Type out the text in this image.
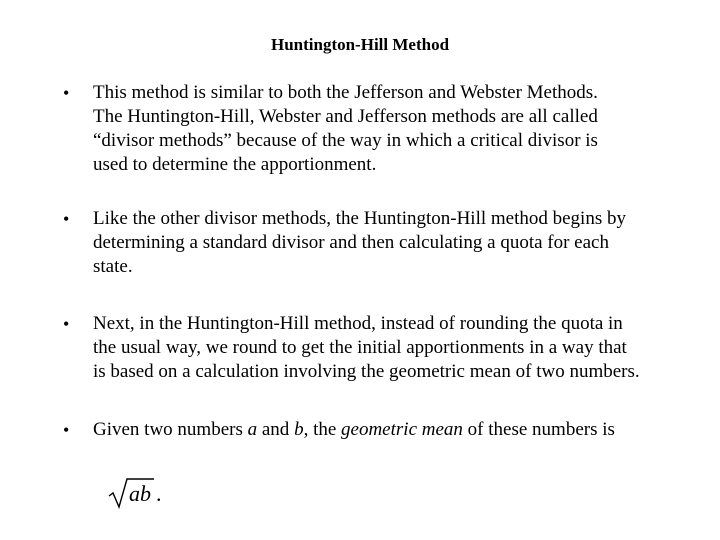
Huntington-Hill Method
• This method is similar to both the Jefferson and Webster Methods.
The Huntington-Hill, Webster and Jefferson methods are all called
“divisor methods” because of the way in which a critical divisor is
used to determine the apportionment.
• Like the other divisor methods, the Huntington-Hill method begins by
determining a standard divisor and then calculating a quota for each
state.
• Next, in the Huntington-Hill method, instead of rounding the quota in
the usual way, we round to get the initial apportionments in a way that
is based on a calculation involving the geometric mean of two numbers.
• Given two numbers a and b, the geometric mean of these numbers is
ab .
